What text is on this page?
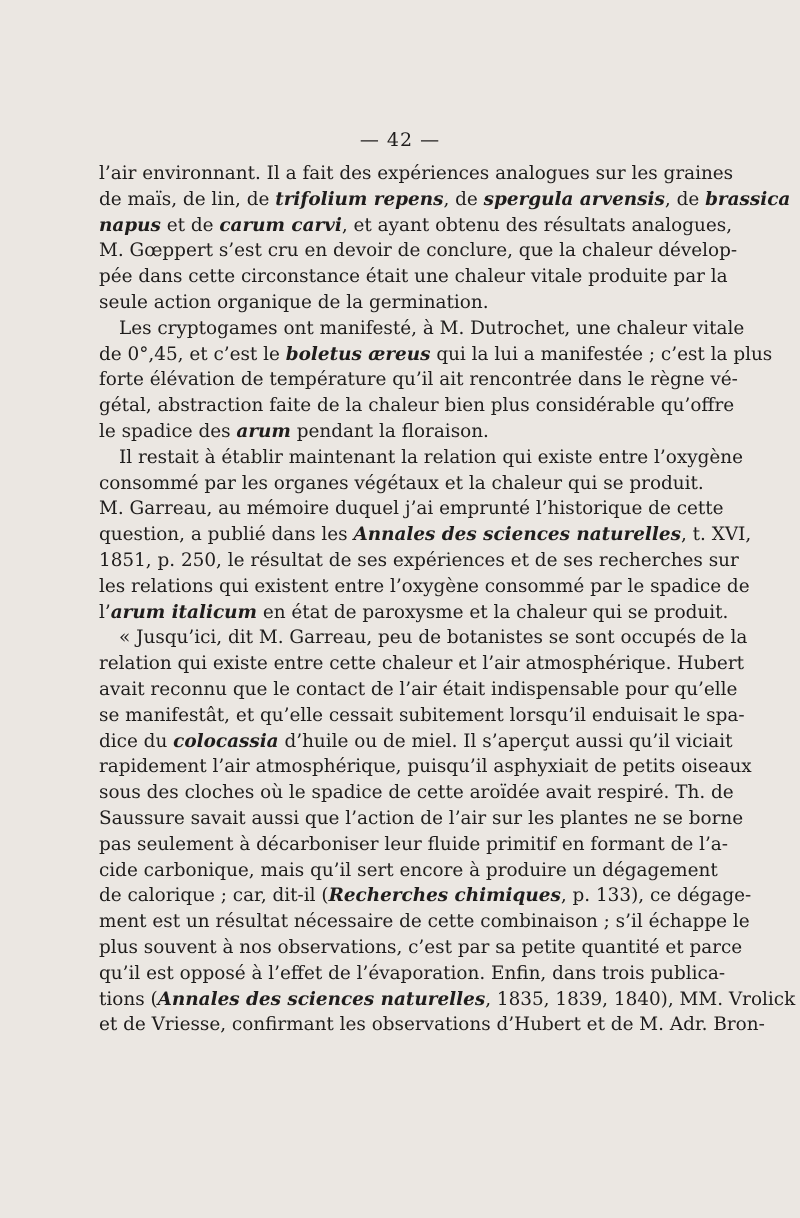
— 42 —
l’air environnant. Il a fait des expériences analogues sur les graines
de maïs, de lin, de trifolium repens, de spergula arvensis, de brassica
napus et de carum carvi, et ayant obtenu des résultats analogues,
M. Gœppert s’est cru en devoir de conclure, que la chaleur dévelop-
pée dans cette circonstance était une chaleur vitale produite par la
seule action organique de la germination.
Les cryptogames ont manifesté, à M. Dutrochet, une chaleur vitale
de 0°,45, et c’est le boletus æreus qui la lui a manifestée ; c’est la plus
forte élévation de température qu’il ait rencontrée dans le règne vé-
gétal, abstraction faite de la chaleur bien plus considérable qu’offre
le spadice des arum pendant la floraison.
Il restait à établir maintenant la relation qui existe entre l’oxygène
consommé par les organes végétaux et la chaleur qui se produit.
M. Garreau, au mémoire duquel j’ai emprunté l’historique de cette
question, a publié dans les Annales des sciences naturelles, t. XVI,
1851, p. 250, le résultat de ses expériences et de ses recherches sur
les relations qui existent entre l’oxygène consommé par le spadice de
l’arum italicum en état de paroxysme et la chaleur qui se produit.
« Jusqu’ici, dit M. Garreau, peu de botanistes se sont occupés de la
relation qui existe entre cette chaleur et l’air atmosphérique. Hubert
avait reconnu que le contact de l’air était indispensable pour qu’elle
se manifestât, et qu’elle cessait subitement lorsqu’il enduisait le spa-
dice du colocassia d’huile ou de miel. Il s’aperçut aussi qu’il viciait
rapidement l’air atmosphérique, puisqu’il asphyxiait de petits oiseaux
sous des cloches où le spadice de cette aroïdée avait respiré. Th. de
Saussure savait aussi que l’action de l’air sur les plantes ne se borne
pas seulement à décarboniser leur fluide primitif en formant de l’a-
cide carbonique, mais qu’il sert encore à produire un dégagement
de calorique ; car, dit-il (Recherches chimiques, p. 133), ce dégage-
ment est un résultat nécessaire de cette combinaison ; s’il échappe le
plus souvent à nos observations, c’est par sa petite quantité et parce
qu’il est opposé à l’effet de l’évaporation. Enfin, dans trois publica-
tions (Annales des sciences naturelles, 1835, 1839, 1840), MM. Vrolick
et de Vriesse, confirmant les observations d’Hubert et de M. Adr. Bron-
